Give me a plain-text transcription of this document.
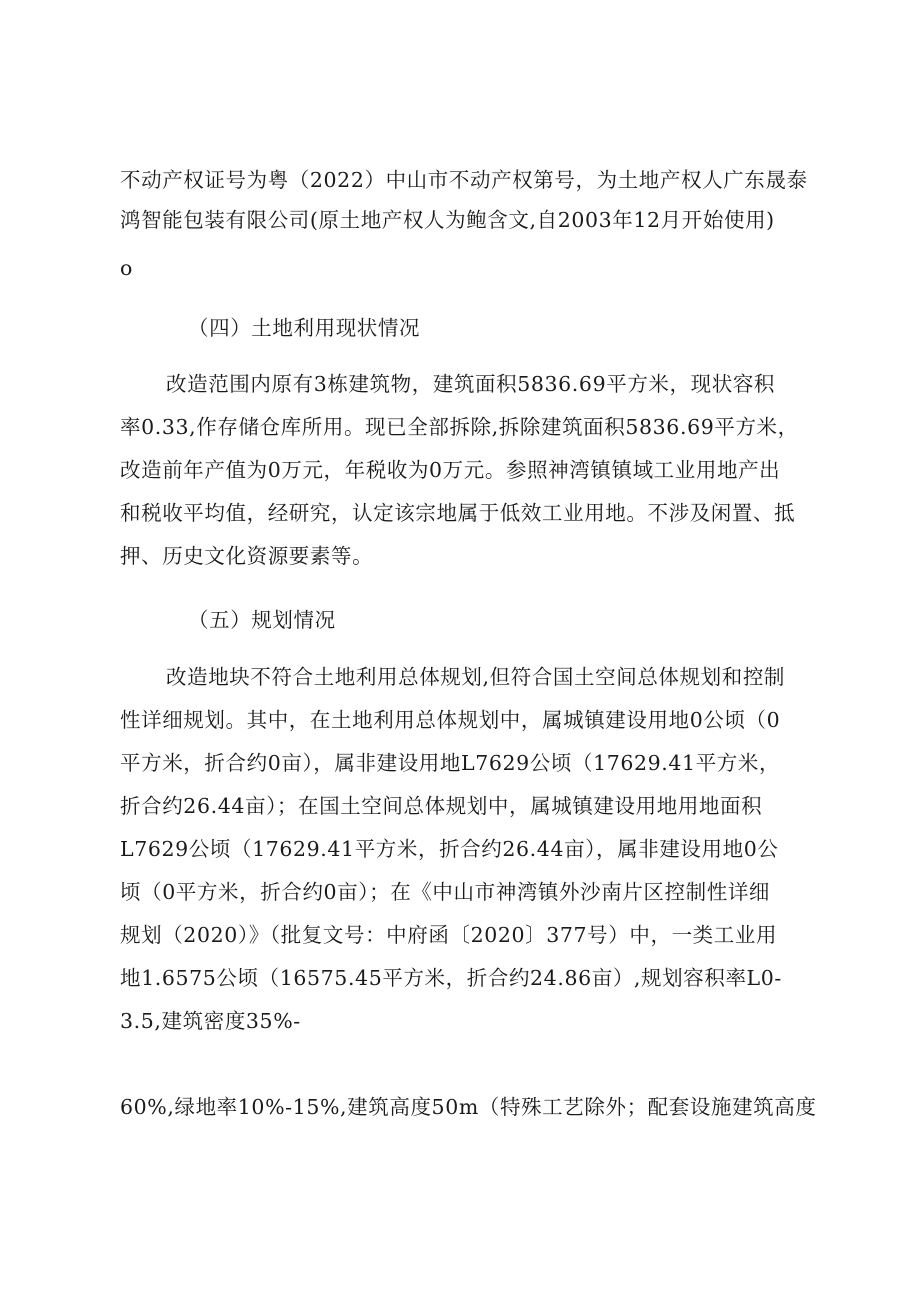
不动产权证号为粤（2022）中山市不动产权第号，为土地产权人广东晟泰
鸿智能包装有限公司(原土地产权人为鲍含文,自2003年12月开始使用)
o
（四）土地利用现状情况
改造范围内原有3栋建筑物，建筑面积5836.69平方米，现状容积
率0.33,作存储仓库所用。现已全部拆除,拆除建筑面积5836.69平方米，
改造前年产值为0万元，年税收为0万元。参照神湾镇镇域工业用地产出
和税收平均值，经研究，认定该宗地属于低效工业用地。不涉及闲置、抵
押、历史文化资源要素等。
（五）规划情况
改造地块不符合土地利用总体规划,但符合国土空间总体规划和控制
性详细规划。其中，在土地利用总体规划中，属城镇建设用地0公顷（0
平方米，折合约0亩），属非建设用地L7629公顷（17629.41平方米，
折合约26.44亩）；在国土空间总体规划中，属城镇建设用地用地面积
L7629公顷（17629.41平方米，折合约26.44亩），属非建设用地0公
顷（0平方米，折合约0亩）；在《中山市神湾镇外沙南片区控制性详细
规划（2020）》（批复文号：中府函〔2020〕377号）中，一类工业用
地1.6575公顷（16575.45平方米，折合约24.86亩）,规划容积率L0-
3.5,建筑密度35%-
60%,绿地率10%-15%,建筑高度50m（特殊工艺除外；配套设施建筑高度
